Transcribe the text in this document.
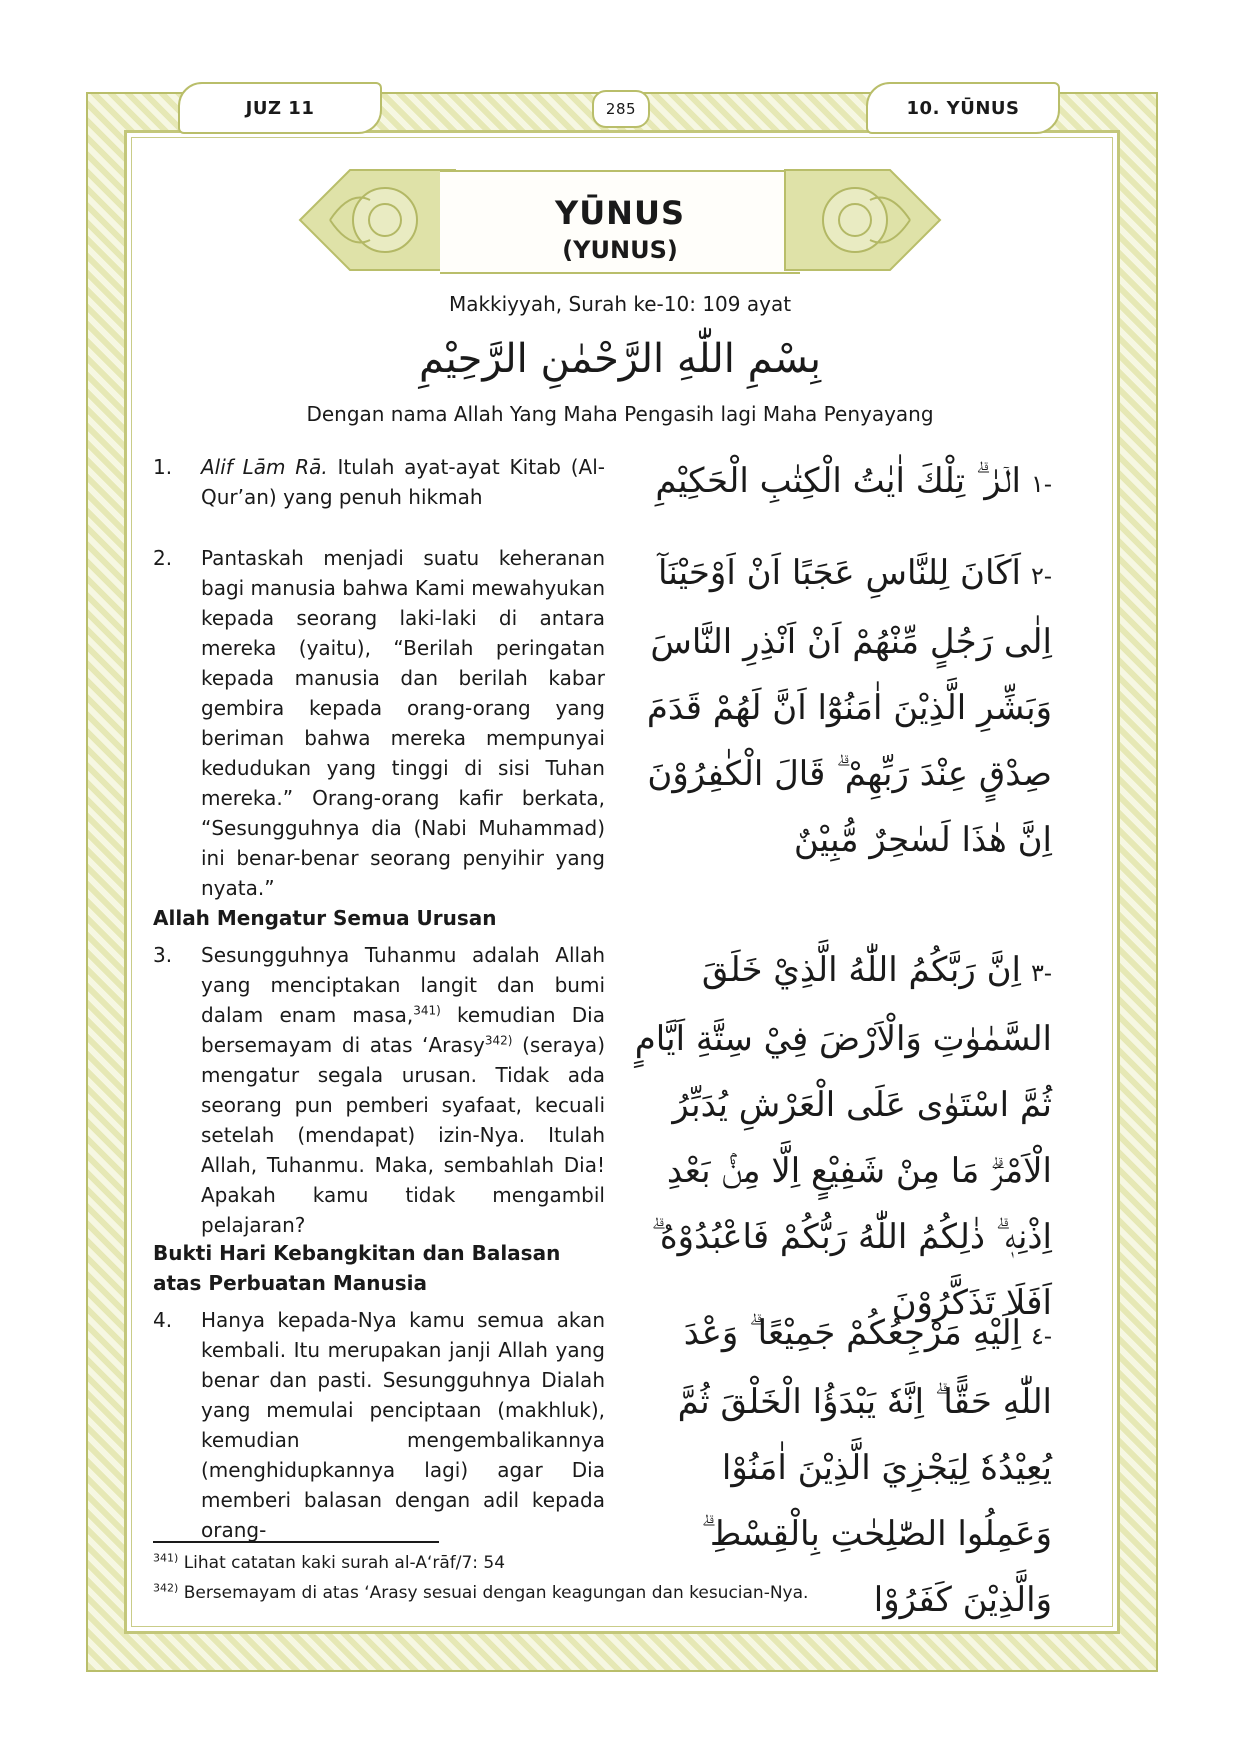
JUZ 11	285	10. YŪNUS
YŪNUS
(YUNUS)
Makkiyyah, Surah ke-10: 109 ayat
بِسْمِ اللّٰهِ الرَّحْمٰنِ الرَّحِيْمِ
Dengan nama Allah Yang Maha Pengasih lagi Maha Penyayang
1. Alif Lām Rā. Itulah ayat-ayat Kitab (Al-Qur’an) yang penuh hikmah	-١الۤرٰ ۗ تِلْكَ اٰيٰتُ الْكِتٰبِ الْحَكِيْمِ
2. Pantaskah menjadi suatu keheranan bagi manusia bahwa Kami mewahyukan kepada seorang laki-laki di antara mereka (yaitu), “Berilah peringatan kepada manusia dan berilah kabar gembira kepada orang-orang yang beriman bahwa mereka mempunyai kedudukan yang tinggi di sisi Tuhan mereka.” Orang-orang kafir berkata, “Sesungguhnya dia (Nabi Muhammad) ini benar-benar seorang penyihir yang nyata.”
-٢اَكَانَ لِلنَّاسِ عَجَبًا اَنْ اَوْحَيْنَآ اِلٰى رَجُلٍ مِّنْهُمْ اَنْ اَنْذِرِ النَّاسَ وَبَشِّرِ الَّذِيْنَ اٰمَنُوْٓا اَنَّ لَهُمْ قَدَمَ صِدْقٍ عِنْدَ رَبِّهِمْ ۗ قَالَ الْكٰفِرُوْنَ اِنَّ هٰذَا لَسٰحِرٌ مُّبِيْنٌ
Allah Mengatur Semua Urusan
3. Sesungguhnya Tuhanmu adalah Allah yang menciptakan langit dan bumi dalam enam masa,$^{341)}$ kemudian Dia bersemayam di atas ‘Arasy$^{342)}$ (seraya) mengatur segala urusan. Tidak ada seorang pun pemberi syafaat, kecuali setelah (mendapat) izin-Nya. Itulah Allah, Tuhanmu. Maka, sembahlah Dia! Apakah kamu tidak mengambil pelajaran?
-٣اِنَّ رَبَّكُمُ اللّٰهُ الَّذِيْ خَلَقَ السَّمٰوٰتِ وَالْاَرْضَ فِيْ سِتَّةِ اَيَّامٍ ثُمَّ اسْتَوٰى عَلَى الْعَرْشِ يُدَبِّرُ الْاَمْرَۗ مَا مِنْ شَفِيْعٍ اِلَّا مِنْۢ بَعْدِ اِذْنِهٖ ۗ ذٰلِكُمُ اللّٰهُ رَبُّكُمْ فَاعْبُدُوْهُ ۗ اَفَلَا تَذَكَّرُوْنَ
Bukti Hari Kebangkitan dan Balasan atas Perbuatan Manusia
4. Hanya kepada-Nya kamu semua akan kembali. Itu merupakan janji Allah yang benar dan pasti. Sesungguhnya Dialah yang memulai penciptaan (makhluk), kemudian mengembalikannya (menghidupkannya lagi) agar Dia memberi balasan dengan adil kepada orang-
-٤اِلَيْهِ مَرْجِعُكُمْ جَمِيْعًا ۗ وَعْدَ اللّٰهِ حَقًّا ۗ اِنَّهٗ يَبْدَؤُا الْخَلْقَ ثُمَّ يُعِيْدُهٗ لِيَجْزِيَ الَّذِيْنَ اٰمَنُوْا وَعَمِلُوا الصّٰلِحٰتِ بِالْقِسْطِ ۗ وَالَّذِيْنَ كَفَرُوْا
$^{341)}$ Lihat catatan kaki surah al-A‘rāf/7: 54
$^{342)}$ Bersemayam di atas ‘Arasy sesuai dengan keagungan dan kesucian-Nya.
